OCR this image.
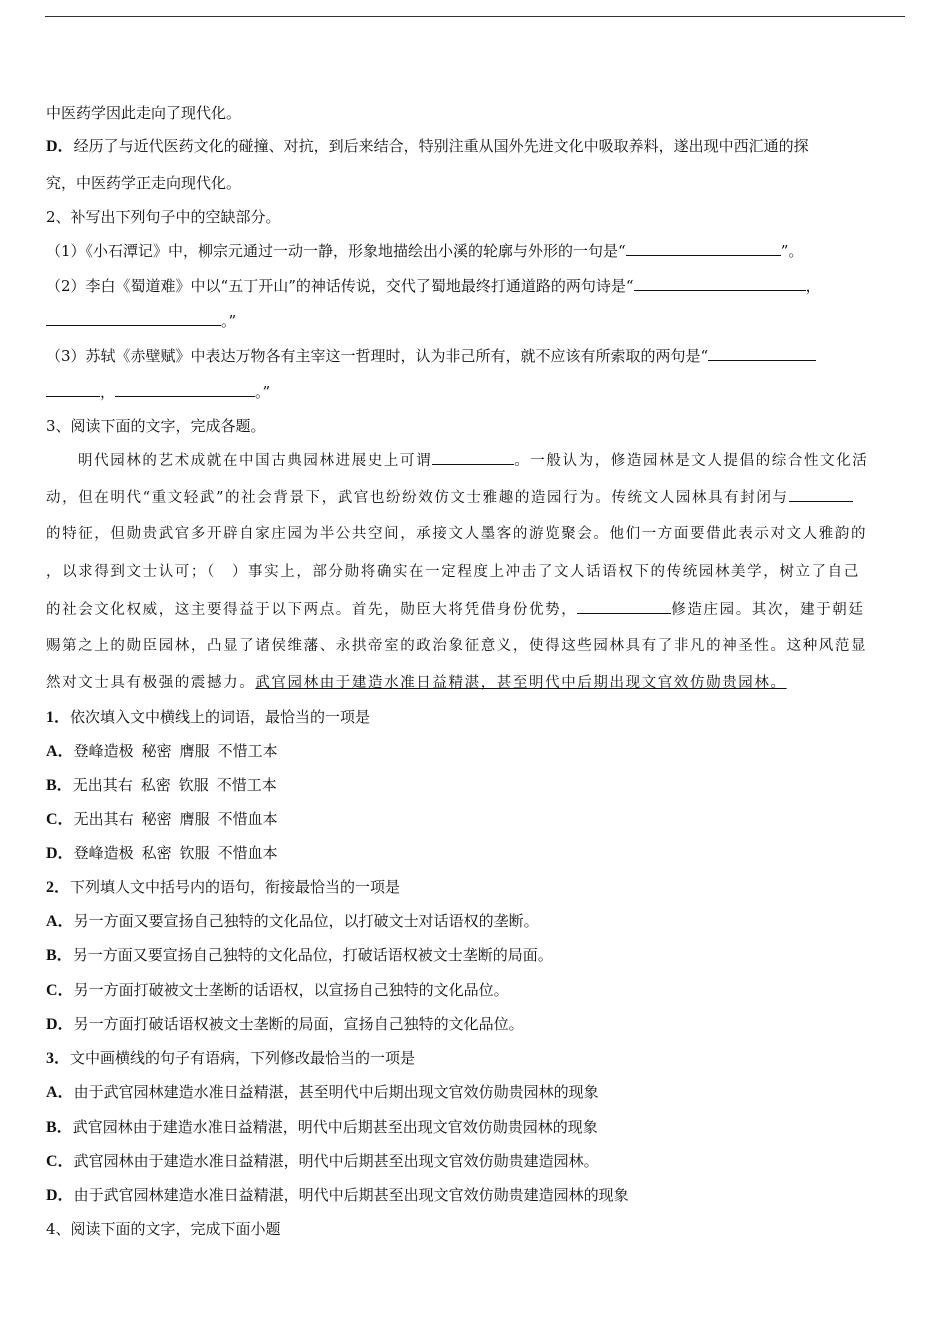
中医药学因此走向了现代化。
D．经历了与近代医药文化的碰撞、对抗，到后来结合，特别注重从国外先进文化中吸取养料，遂出现中西汇通的探
究，中医药学正走向现代化。
2、补写出下列句子中的空缺部分。
（1）《小石潭记》中，柳宗元通过一动一静，形象地描绘出小溪的轮廓与外形的一句是“	”。
（2）李白《蜀道难》中以“五丁开山”的神话传说，交代了蜀地最终打通道路的两句诗是“	，
。”
（3）苏轼《赤壁赋》中表达万物各有主宰这一哲理时，认为非己所有，就不应该有所索取的两句是“
，	。”
3、阅读下面的文字，完成各题。
明代园林的艺术成就在中国古典园林进展史上可谓	。一般认为，修造园林是文人提倡的综合性文化活
动，但在明代“重文轻武”的社会背景下，武官也纷纷效仿文士雅趣的造园行为。传统文人园林具有封闭与
的特征，但勋贵武官多开辟自家庄园为半公共空间，承接文人墨客的游览聚会。他们一方面要借此表示对文人雅韵的
，以求得到文士认可；（　）事实上，部分勋将确实在一定程度上冲击了文人话语权下的传统园林美学，树立了自己
的社会文化权威，这主要得益于以下两点。首先，勋臣大将凭借身份优势，	修造庄园。其次，建于朝廷
赐第之上的勋臣园林，凸显了诸侯维藩、永拱帝室的政治象征意义，使得这些园林具有了非凡的神圣性。这种风范显
然对文士具有极强的震撼力。武官园林由于建造水准日益精湛，甚至明代中后期出现文官效仿勋贵园林。
1．依次填入文中横线上的词语，最恰当的一项是
A．登峰造极 秘密 膺服 不惜工本
B．无出其右 私密 钦服 不惜工本
C．无出其右 秘密 膺服 不惜血本
D．登峰造极 私密 钦服 不惜血本
2．下列填人文中括号内的语句，衔接最恰当的一项是
A．另一方面又要宣扬自己独特的文化品位，以打破文士对话语权的垄断。
B．另一方面又要宣扬自己独特的文化品位，打破话语权被文士垄断的局面。
C．另一方面打破被文士垄断的话语权，以宣扬自己独特的文化品位。
D．另一方面打破话语权被文士垄断的局面，宣扬自己独特的文化品位。
3．文中画横线的句子有语病，下列修改最恰当的一项是
A．由于武官园林建造水准日益精湛，甚至明代中后期出现文官效仿勋贵园林的现象
B．武官园林由于建造水准日益精湛，明代中后期甚至出现文官效仿勋贵园林的现象
C．武官园林由于建造水准日益精湛，明代中后期甚至出现文官效仿勋贵建造园林。
D．由于武官园林建造水准日益精湛，明代中后期甚至出现文官效仿勋贵建造园林的现象
4、阅读下面的文字，完成下面小题
